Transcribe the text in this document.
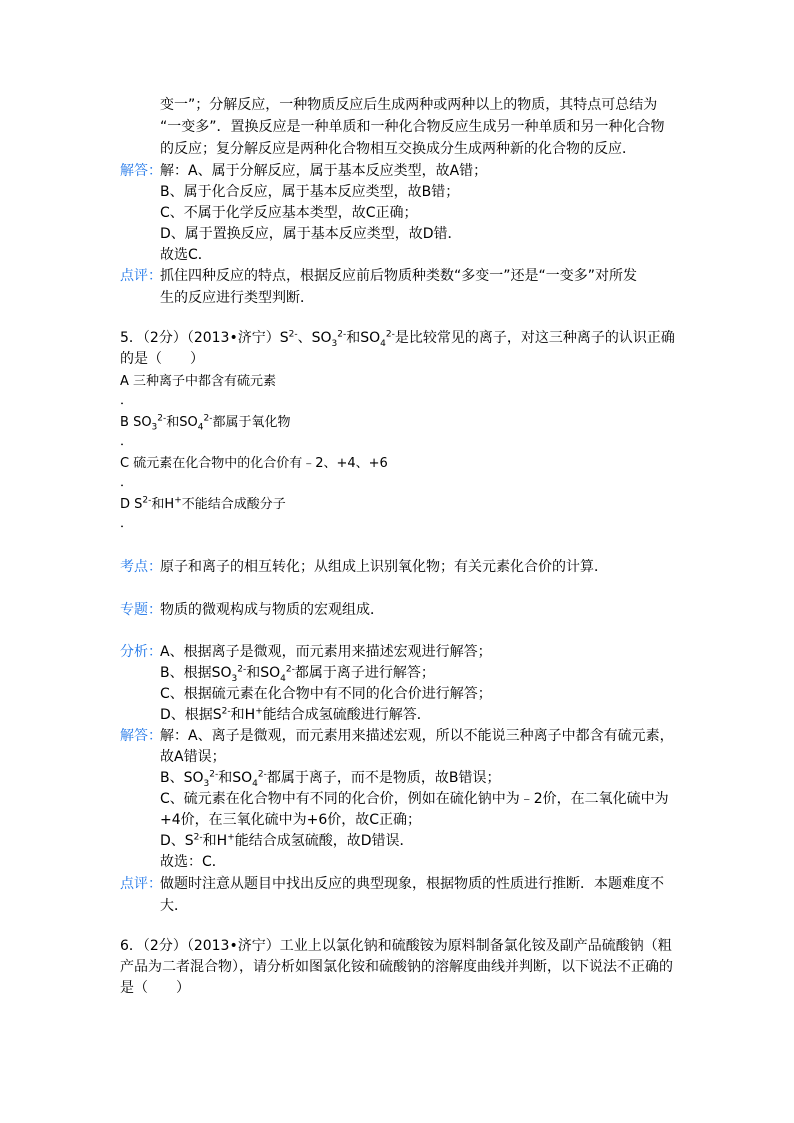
变一”；分解反应，一种物质反应后生成两种或两种以上的物质，其特点可总结为
“一变多”．置换反应是一种单质和一种化合物反应生成另一种单质和另一种化合物
的反应；复分解反应是两种化合物相互交换成分生成两种新的化合物的反应．
解答：
解：A、属于分解反应，属于基本反应类型，故A错；
B、属于化合反应，属于基本反应类型，故B错；
C、不属于化学反应基本类型，故C正确；
D、属于置换反应，属于基本反应类型，故D错．
故选C．
点评：
抓住四种反应的特点，根据反应前后物质种类数“多变一”还是“一变多”对所发
生的反应进行类型判断．
5．（2分）（2013•济宁）$S^{2-}$、$SO_3^{2-}$和$SO_4^{2-}$是比较常见的离子，对这三种离子的认识正确
的是（　　）
A 三种离子中都含有硫元素
．
B $SO_3^{2-}$和$SO_4^{2-}$都属于氧化物
．
C 硫元素在化合物中的化合价有﹣2、+4、+6
．
D $S^{2-}$和H+不能结合成酸分子
．
考点：
原子和离子的相互转化；从组成上识别氧化物；有关元素化合价的计算．
专题：
物质的微观构成与物质的宏观组成．
分析：
A、根据离子是微观，而元素用来描述宏观进行解答；
B、根据$SO_3^{2-}$和$SO_4^{2-}$都属于离子进行解答；
C、根据硫元素在化合物中有不同的化合价进行解答；
D、根据$S^{2-}$和H+能结合成氢硫酸进行解答．
解答：
解：A、离子是微观，而元素用来描述宏观，所以不能说三种离子中都含有硫元素，
故A错误；
B、$SO_3^{2-}$和$SO_4^{2-}$都属于离子，而不是物质，故B错误；
C、硫元素在化合物中有不同的化合价，例如在硫化钠中为﹣2价，在二氧化硫中为
+4价，在三氧化硫中为+6价，故C正确；
D、$S^{2-}$和H+能结合成氢硫酸，故D错误．
故选：C．
点评：
做题时注意从题目中找出反应的典型现象，根据物质的性质进行推断．本题难度不
大．
6．（2分）（2013•济宁）工业上以氯化钠和硫酸铵为原料制备氯化铵及副产品硫酸钠（粗
产品为二者混合物），请分析如图氯化铵和硫酸钠的溶解度曲线并判断，以下说法不正确的
是（　　）
